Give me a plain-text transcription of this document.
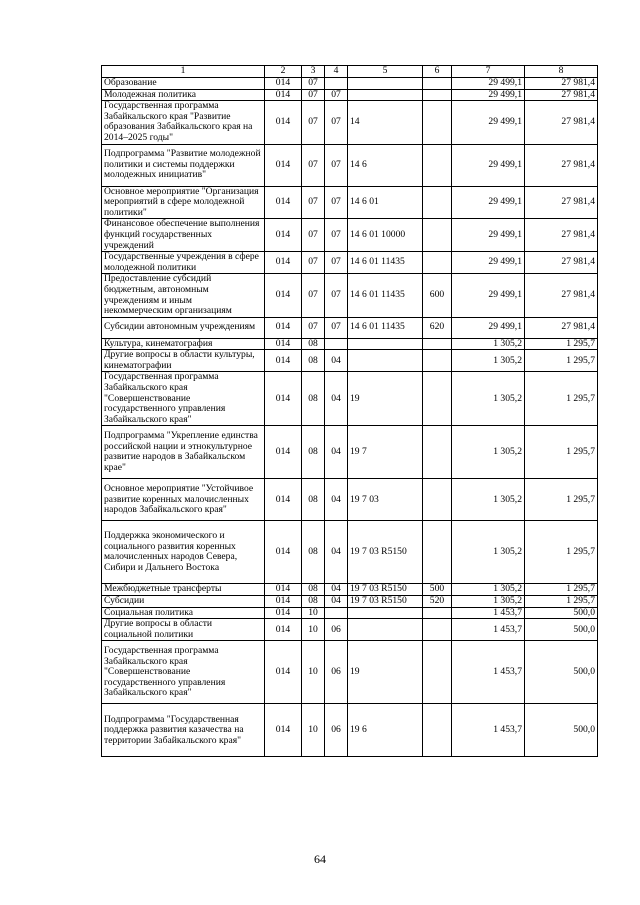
1	2	3	4	5	6	7	8
Образование	014	07				29 499,1	27 981,4
Молодежная политика	014	07	07			29 499,1	27 981,4
Государственная программа Забайкальского края "Развитие образования Забайкальского края на 2014–2025 годы"	014	07	07	14		29 499,1	27 981,4
Подпрограмма "Развитие молодежной политики и системы поддержки молодежных инициатив"	014	07	07	14 6		29 499,1	27 981,4
Основное мероприятие "Организация мероприятий в сфере молодежной политики"	014	07	07	14 6 01		29 499,1	27 981,4
Финансовое обеспечение выполнения функций государственных учреждений	014	07	07	14 6 01 10000		29 499,1	27 981,4
Государственные учреждения в сфере молодежной политики	014	07	07	14 6 01 11435		29 499,1	27 981,4
Предоставление субсидий бюджетным, автономным учреждениям и иным некоммерческим организациям	014	07	07	14 6 01 11435	600	29 499,1	27 981,4
Субсидии автономным учреждениям	014	07	07	14 6 01 11435	620	29 499,1	27 981,4
Культура, кинематография	014	08				1 305,2	1 295,7
Другие вопросы в области культуры, кинематографии	014	08	04			1 305,2	1 295,7
Государственная программа Забайкальского края "Совершенствование государственного управления Забайкальского края"	014	08	04	19		1 305,2	1 295,7
Подпрограмма "Укрепление единства российской нации и этнокультурное развитие народов в Забайкальском крае"	014	08	04	19 7		1 305,2	1 295,7
Основное мероприятие "Устойчивое развитие коренных малочисленных народов Забайкальского края"	014	08	04	19 7 03		1 305,2	1 295,7
Поддержка экономического и социального развития коренных малочисленных народов Севера, Сибири и Дальнего Востока	014	08	04	19 7 03 R5150		1 305,2	1 295,7
Межбюджетные трансферты	014	08	04	19 7 03 R5150	500	1 305,2	1 295,7
Субсидии	014	08	04	19 7 03 R5150	520	1 305,2	1 295,7
Социальная политика	014	10				1 453,7	500,0
Другие вопросы в области социальной политики	014	10	06			1 453,7	500,0
Государственная программа Забайкальского края "Совершенствование государственного управления Забайкальского края"	014	10	06	19		1 453,7	500,0
Подпрограмма "Государственная поддержка развития казачества на территории Забайкальского края"	014	10	06	19 6		1 453,7	500,0
64
